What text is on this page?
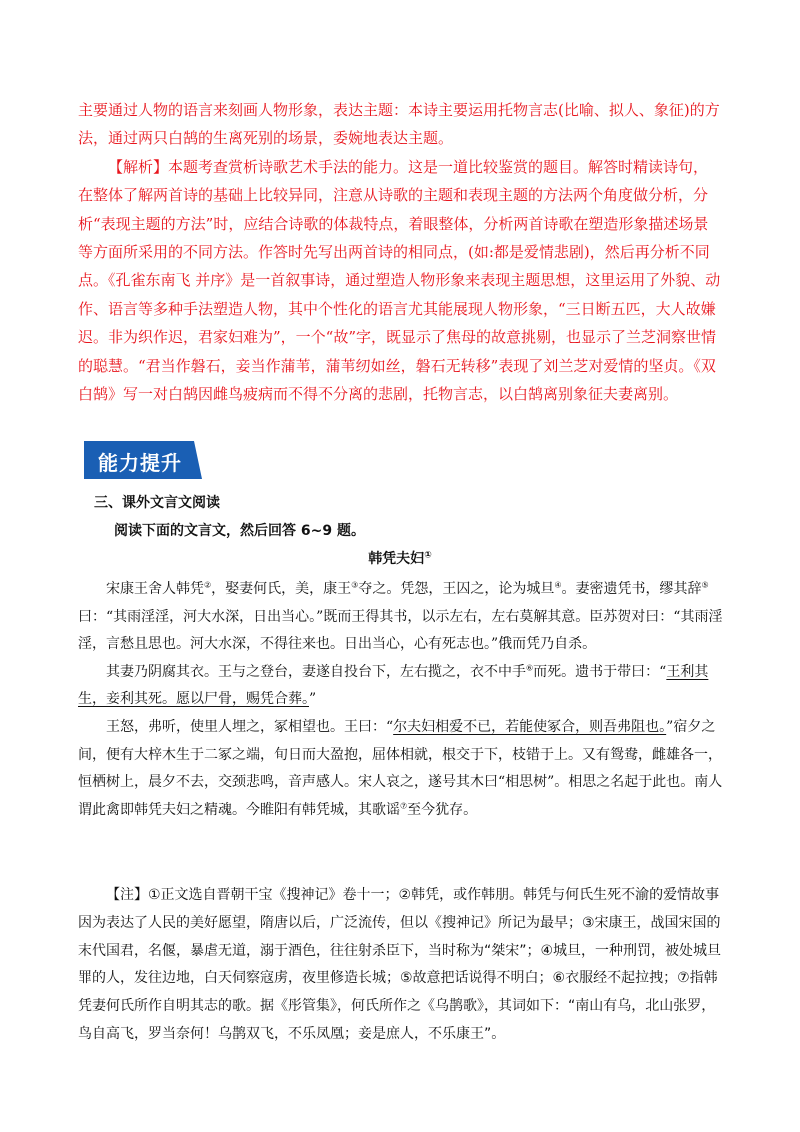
主要通过人物的语言来刻画人物形象，表达主题：本诗主要运用托物言志(比喻、拟人、象征)的方法，通过两只白鹄的生离死别的场景，委婉地表达主题。

【解析】本题考查赏析诗歌艺术手法的能力。这是一道比较鉴赏的题目。解答时精读诗句，在整体了解两首诗的基础上比较异同，注意从诗歌的主题和表现主题的方法两个角度做分析，分析“表现主题的方法”时，应结合诗歌的体裁特点，着眼整体，分析两首诗歌在塑造形象描述场景等方面所采用的不同方法。作答时先写出两首诗的相同点，(如:都是爱情悲剧)，然后再分析不同点。《孔雀东南飞 并序》是一首叙事诗，通过塑造人物形象来表现主题思想，这里运用了外貌、动作、语言等多种手法塑造人物，其中个性化的语言尤其能展现人物形象，“三日断五匹，大人故嫌迟。非为织作迟，君家妇难为”，一个“故”字，既显示了焦母的故意挑剔，也显示了兰芝洞察世情的聪慧。“君当作磐石，妾当作蒲苇，蒲苇纫如丝，磐石无转移”表现了刘兰芝对爱情的坚贞。《双白鹄》写一对白鹄因雌鸟疲病而不得不分离的悲剧，托物言志，以白鹄离别象征夫妻离别。

能力提升
三、课外文言文阅读
阅读下面的文言文，然后回答 6~9 题。
韩凭夫妇①

宋康王舍人韩凭②，娶妻何氏，美，康王③夺之。凭怨，王囚之，论为城旦④。妻密遗凭书，缪其辞⑤曰：“其雨淫淫，河大水深，日出当心。”既而王得其书，以示左右，左右莫解其意。臣苏贺对曰：“其雨淫淫，言愁且思也。河大水深，不得往来也。日出当心，心有死志也。”俄而凭乃自杀。

其妻乃阴腐其衣。王与之登台，妻遂自投台下，左右揽之，衣不中手⑥而死。遗书于带曰：“王利其生，妾利其死。愿以尸骨，赐凭合葬。”

王怒，弗听，使里人埋之，冢相望也。王曰：“尔夫妇相爱不已，若能使冢合，则吾弗阻也。”宿夕之间，便有大梓木生于二冢之端，旬日而大盈抱，屈体相就，根交于下，枝错于上。又有鸳鸯，雌雄各一，恒栖树上，晨夕不去，交颈悲鸣，音声感人。宋人哀之，遂号其木曰“相思树”。相思之名起于此也。南人谓此禽即韩凭夫妇之精魂。今睢阳有韩凭城，其歌谣⑦至今犹存。

【注】①正文选自晋朝干宝《搜神记》卷十一；②韩凭，或作韩朋。韩凭与何氏生死不渝的爱情故事因为表达了人民的美好愿望，隋唐以后，广泛流传，但以《搜神记》所记为最早；③宋康王，战国宋国的末代国君，名偃，暴虐无道，溺于酒色，往往射杀臣下，当时称为“桀宋”；④城旦，一种刑罚，被处城旦罪的人，发往边地，白天伺察寇虏，夜里修造长城；⑤故意把话说得不明白；⑥衣服经不起拉拽；⑦指韩凭妻何氏所作自明其志的歌。据《彤管集》，何氏所作之《乌鹊歌》，其词如下：“南山有乌，北山张罗，鸟自高飞，罗当奈何！乌鹊双飞，不乐凤凰；妾是庶人，不乐康王”。
